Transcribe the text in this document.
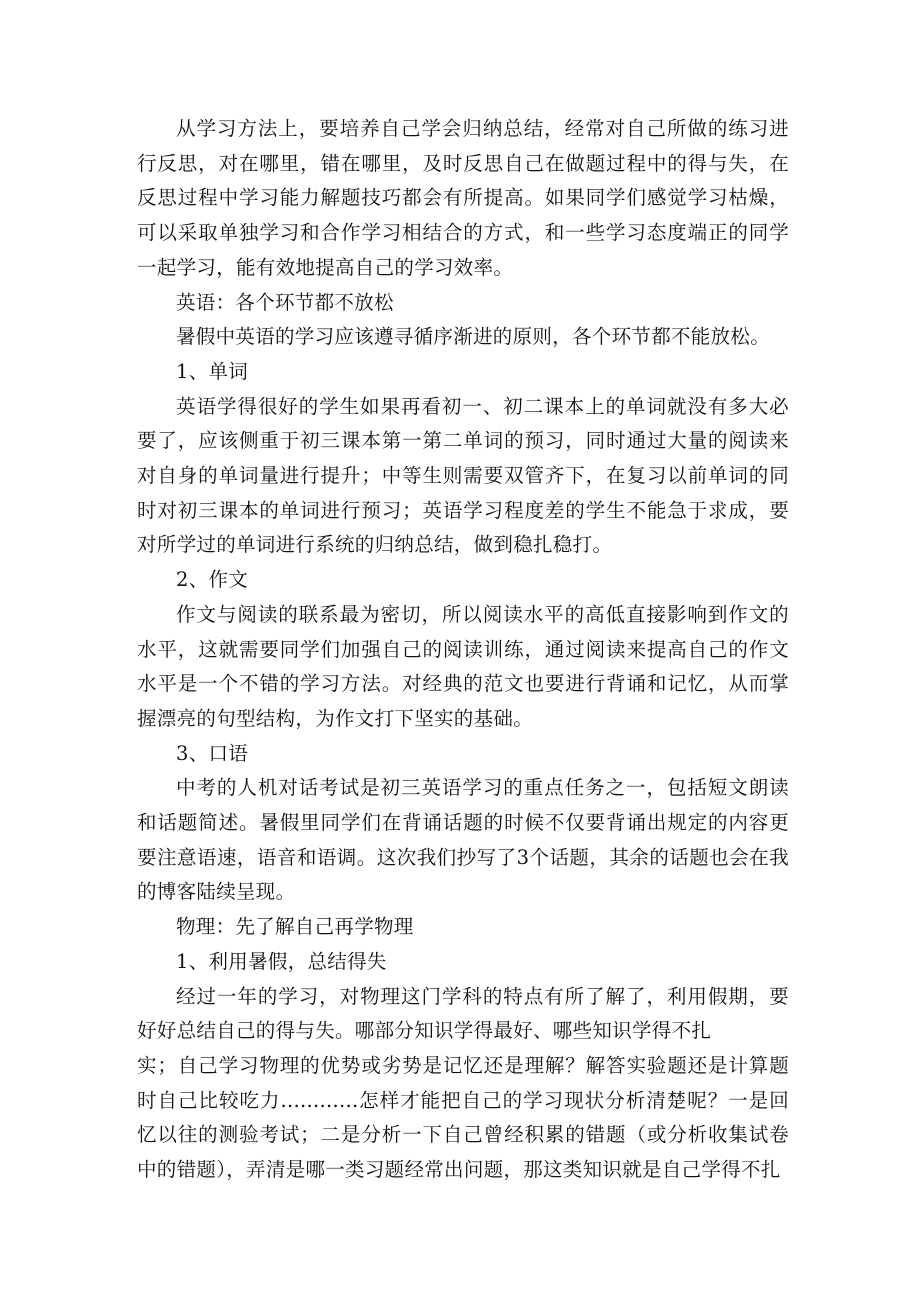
从学习方法上，要培养自己学会归纳总结，经常对自己所做的练习进行反思，对在哪里，错在哪里，及时反思自己在做题过程中的得与失，在反思过程中学习能力解题技巧都会有所提高。如果同学们感觉学习枯燥，可以采取单独学习和合作学习相结合的方式，和一些学习态度端正的同学一起学习，能有效地提高自己的学习效率。

英语：各个环节都不放松

暑假中英语的学习应该遵寻循序渐进的原则，各个环节都不能放松。

1、单词

英语学得很好的学生如果再看初一、初二课本上的单词就没有多大必要了，应该侧重于初三课本第一第二单词的预习，同时通过大量的阅读来对自身的单词量进行提升；中等生则需要双管齐下，在复习以前单词的同时对初三课本的单词进行预习；英语学习程度差的学生不能急于求成，要对所学过的单词进行系统的归纳总结，做到稳扎稳打。

2、作文

作文与阅读的联系最为密切，所以阅读水平的高低直接影响到作文的水平，这就需要同学们加强自己的阅读训练，通过阅读来提高自己的作文水平是一个不错的学习方法。对经典的范文也要进行背诵和记忆，从而掌握漂亮的句型结构，为作文打下坚实的基础。

3、口语

中考的人机对话考试是初三英语学习的重点任务之一，包括短文朗读和话题简述。暑假里同学们在背诵话题的时候不仅要背诵出规定的内容更要注意语速，语音和语调。这次我们抄写了3个话题，其余的话题也会在我的博客陆续呈现。

物理：先了解自己再学物理

1、利用暑假，总结得失

经过一年的学习，对物理这门学科的特点有所了解了，利用假期，要好好总结自己的得与失。哪部分知识学得最好、哪些知识学得不扎

实；自己学习物理的优势或劣势是记忆还是理解？解答实验题还是计算题时自己比较吃力............怎样才能把自己的学习现状分析清楚呢？一是回忆以往的测验考试；二是分析一下自己曾经积累的错题（或分析收集试卷中的错题），弄清是哪一类习题经常出问题，那这类知识就是自己学得不扎
